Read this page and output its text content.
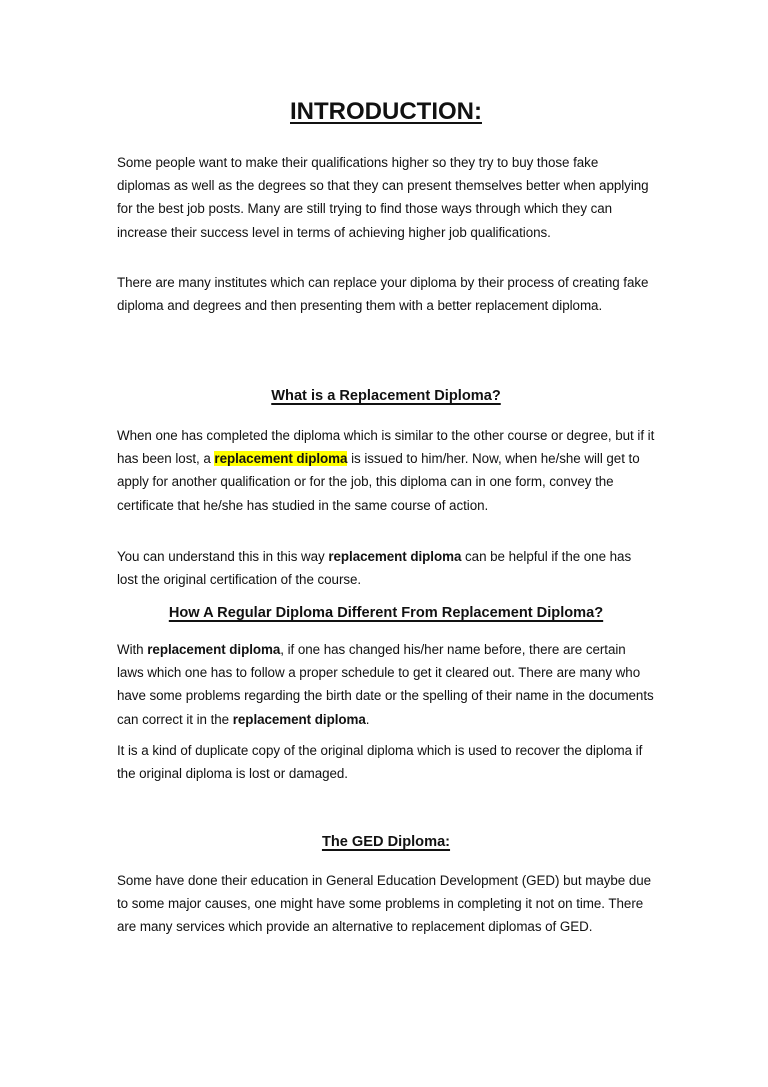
INTRODUCTION:

Some people want to make their qualifications higher so they try to buy those fake diplomas as well as the degrees so that they can present themselves better when applying for the best job posts. Many are still trying to find those ways through which they can increase their success level in terms of achieving higher job qualifications.

There are many institutes which can replace your diploma by their process of creating fake diploma and degrees and then presenting them with a better replacement diploma.

What is a Replacement Diploma?

When one has completed the diploma which is similar to the other course or degree, but if it has been lost, a replacement diploma is issued to him/her. Now, when he/she will get to apply for another qualification or for the job, this diploma can in one form, convey the certificate that he/she has studied in the same course of action.

You can understand this in this way replacement diploma can be helpful if the one has lost the original certification of the course.

How A Regular Diploma Different From Replacement Diploma?

With replacement diploma, if one has changed his/her name before, there are certain laws which one has to follow a proper schedule to get it cleared out. There are many who have some problems regarding the birth date or the spelling of their name in the documents can correct it in the replacement diploma.

It is a kind of duplicate copy of the original diploma which is used to recover the diploma if the original diploma is lost or damaged.

The GED Diploma:

Some have done their education in General Education Development (GED) but maybe due to some major causes, one might have some problems in completing it not on time. There are many services which provide an alternative to replacement diplomas of GED.
